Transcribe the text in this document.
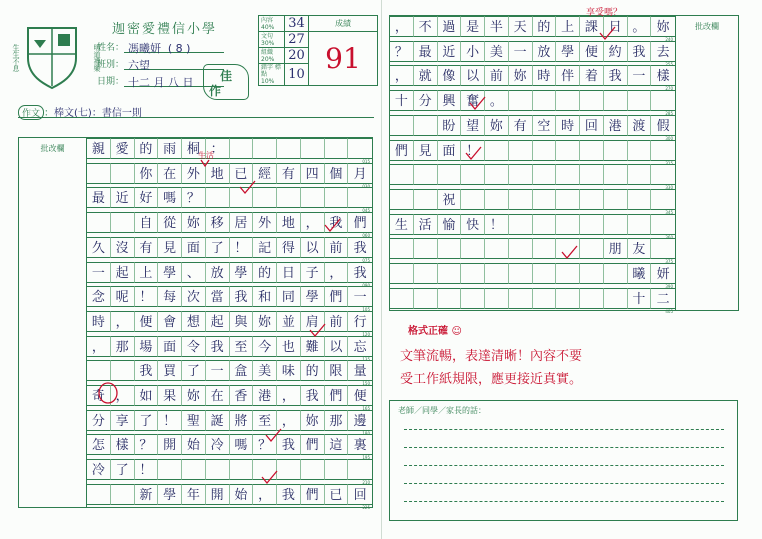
生生不息	明道禮樂
迦密愛禮信小學
姓名： 馮曦妍 ( 8 )
班別： 六望
日期： 十二 月 八 日	佳
作
內容 40%	34	成績
文句 30%	27	91
組織 20%	20	
錯字 標點 10%	10	
作文 ：棒文(七)：書信一則
批改欄	親 愛 的 雨 桐 ：
015
你 在 外 地 已 經 有 四 個 月
030
最 近 好 嗎 ？
045
自 從 妳 移 居 外 地 ， 我 們
060
久 沒 有 見 面 了 ！ 記 得 以 前 我
075
一 起 上 學 、 放 學 的 日 子 ， 我
090
念 呢 ！ 每 次 當 我 和 同 學 們 一
105
時 ， 便 會 想 起 與 妳 並 肩 前 行
120
， 那 場 面 令 我 至 今 也 難 以 忘
135
我 買 了 一 盒 美 味 的 限 量
150
奇 ， 如 果 妳 在 香 港 ， 我 們 便
165
分 享 了 ！ 聖 誕 將 至 ， 妳 那 邊
180
怎 樣 ？ 開 始 冷 嗎 ？ 我 們 這 裏
195
冷 了 ！
210
新 學 年 開 始 ， 我 們 已 回
225
， 不 過 是 半 天 的 上 課 日 。 妳
240
？ 最 近 小 美 一 放 學 便 約 我 去
255
， 就 像 以 前 妳 時 伴 着 我 一 樣
270
十 分 興 奮 。
285
盼 望 妳 有 空 時 回 港 渡 假
300
們 見 面 ！
315
330
祝
345
生 活 愉 快 ！
360
朋 友
375
曦 妍
390
十 二
405
批改欄
生活
享受嗎？
格式正確 ☺
文筆流暢，表達清晰！內容不要
受工作紙規限，應更接近真實。
老師／同學／家長的話：
